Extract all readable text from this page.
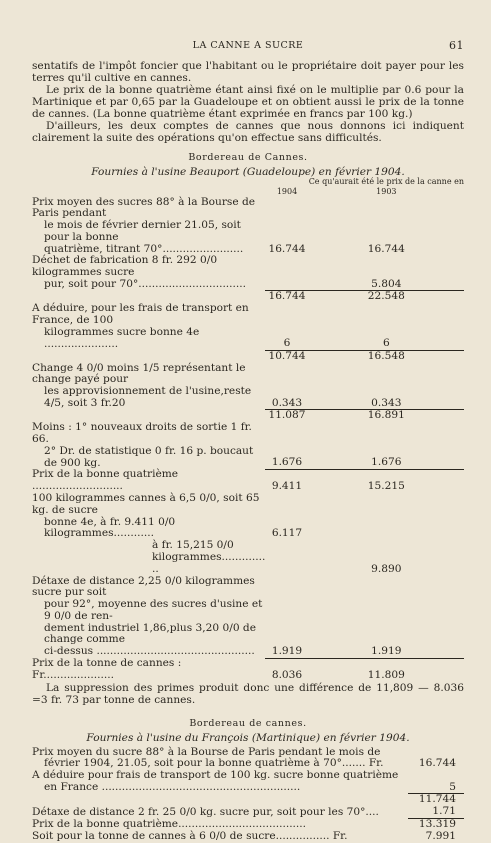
LA CANNE A SUCRE	61

sentatifs de l'impôt foncier que l'habitant ou le propriétaire doit payer pour les terres qu'il cultive en cannes.

Le prix de la bonne quatrième étant ainsi fixé on le multiplie par 0.6 pour la Martinique et par 0,65 par la Guadeloupe et on obtient aussi le prix de la tonne de cannes. (La bonne quatrième étant exprimée en francs par 100 kg.)

D'ailleurs, les deux comptes de cannes que nous donnons ici indiquent clairement la suite des opérations qu'on effectue sans difficultés.

Bordereau de Cannes.
Fournies à l'usine Beauport (Guadeloupe) en février 1904.
		Ce qu'aurait été le prix de la canne en
	1904	1903

Prix moyen des sucres 88° à la Bourse de Paris pendant
le mois de février dernier 21.05, soit pour la bonne
quatrième, titrant 70°........................	16.744	16.744

Déchet de fabrication 8 fr. 292 0/0 kilogrammes sucre
pur, soit pour 70°................................		5.804

	16.744	22.548

A déduire, pour les frais de transport en France, de 100
kilogrammes sucre bonne 4e ......................	6	6

	10.744	16.548

Change 4 0/0 moins 1/5 représentant le change payé pour
les approvisionnement de l'usine,reste 4/5, soit 3 fr.20	0.343	0.343

	11.087	16.891

Moins : 1° nouveaux droits de sortie 1 fr. 66.
2° Dr. de statistique 0 fr. 16 p. boucaut de 900 kg.	1.676	1.676

Prix de la bonne quatrième ...........................	9.411	15.215

100 kilogrammes cannes à 6,5 0/0, soit 65 kg. de sucre
bonne 4e, à fr. 9.411 0/0 kilogrammes............	6.117	

à fr. 15,215 0/0 kilogrammes............. ..		9.890

Détaxe de distance 2,25 0/0 kilogrammes sucre pur soit
pour 92°, moyenne des sucres d'usine et 9 0/0 de ren-
dement industriel 1,86,plus 3,20 0/0 de change comme
ci-dessus ...............................................	1.919	1.919

Prix de la tonne de cannes : Fr.....................	8.036	11.809

La suppression des primes produit donc une différence de 11,809 — 8.036 =3 fr. 73 par tonne de cannes.

Bordereau de cannes.
Fournies à l'usine du François (Martinique) en février 1904.
Prix moyen du sucre 88° à la Bourse de Paris pendant le mois de
février 1904, 21.05, soit pour la bonne quatrième à 70°....... Fr.	16.744

A déduire pour frais de transport de 100 kg. sucre bonne quatrième
en France ...........................................................	5

	11.744

Détaxe de distance 2 fr. 25 0/0 kg. sucre pur, soit pour les 70°....	1.71

Prix de la bonne quatrième......................................	13.319

Soit pour la tonne de cannes à 6 0/0 de sucre................ Fr.	7.991
